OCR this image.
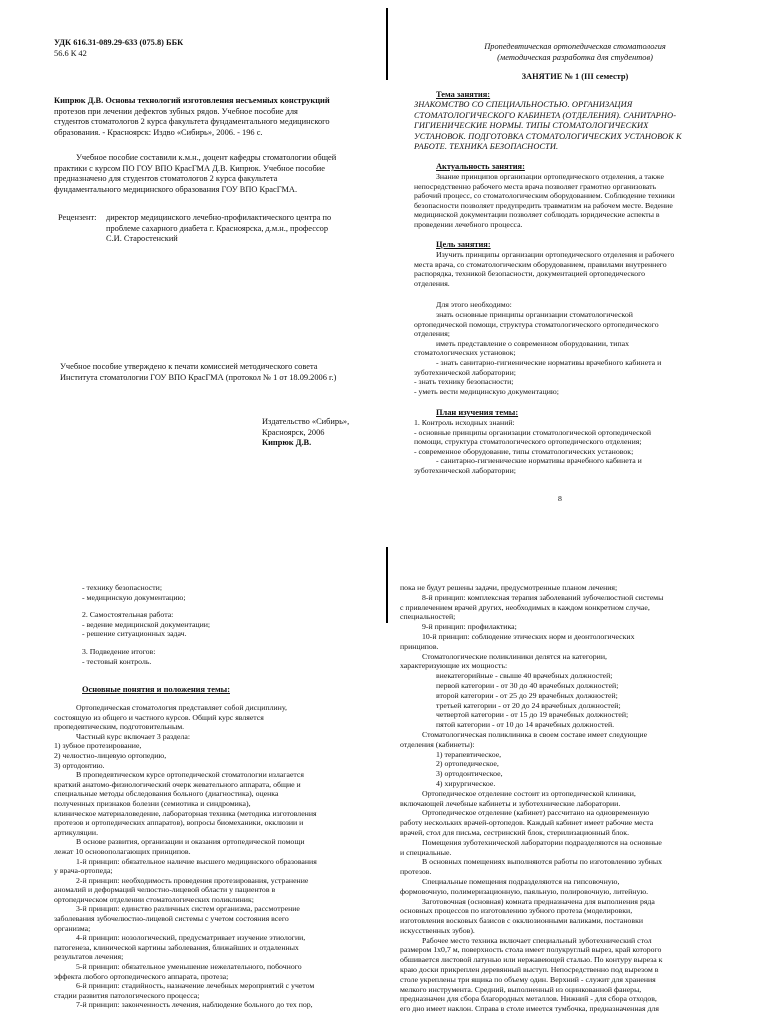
УДК 616.31-089.29-633 (075.8) ББК
56.6 К 42
Кипрюк Д.В. Основы технологий изготовления несъемных конструкций
протезов при лечении дефектов зубных рядов. Учебное пособие для
студентов стоматологов 2 курса факультета фундаментального медицинского
образования. - Красноярск: Издво «Сибирь», 2006. - 196 с.
Учебное пособие составили к.м.н., доцент кафедры стоматологии общей
практики с курсом ПО ГОУ ВПО КрасГМА Д.В. Кипрюк. Учебное пособие
предназначено для студентов стоматологов 2 курса факультета
фундаментального медицинского образования ГОУ ВПО КрасГМА.
Рецензент:	директор медицинского лечебно-профилактического центра по
проблеме сахарного диабета г. Красноярска, д.м.н., профессор
С.И. Старостенский
Учебное пособие утверждено к печати комиссией методического совета
Института стоматологии ГОУ ВПО КрасГМА (протокол № 1 от 18.09.2006 г.)
Издательство «Сибирь»,
Красноярск, 2006
Кипрюк Д.В.
Пропедевтическая ортопедическая стоматология
(методическая разработка для студентов)
ЗАНЯТИЕ № 1 (III семестр)
Тема занятия:
ЗНАКОМСТВО СО СПЕЦИАЛЬНОСТЬЮ. ОРГАНИЗАЦИЯ
СТОМАТОЛОГИЧЕСКОГО КАБИНЕТА (ОТДЕЛЕНИЯ). САНИТАРНО-
ГИГИЕНИЧЕСКИЕ НОРМЫ. ТИПЫ СТОМАТОЛОГИЧЕСКИХ
УСТАНОВОК. ПОДГОТОВКА СТОМАТОЛОГИЧЕСКИХ УСТАНОВОК К
РАБОТЕ. ТЕХНИКА БЕЗОПАСНОСТИ.
Актуальность занятия:
Знание принципов организации ортопедического отделения, а также
непосредственно рабочего места врача позволяет грамотно организовать
рабочий процесс, со стоматологическим оборудованием. Соблюдение техники
безопасности позволяет предупредить травматизм на рабочем месте. Ведение
медицинской документации позволяет соблюдать юридические аспекты в
проведении лечебного процесса.
Цель занятия:
Изучить принципы организации ортопедического отделения и рабочего
места врача, со стоматологическим оборудованием, правилами внутреннего
распорядка, техникой безопасности, документацией ортопедического
отделения.
Для этого необходимо:
знать основные принципы организации стоматологической
ортопедической помощи, структура стоматологического ортопедического
отделения;
иметь представление о современном оборудовании, типах
стоматологических установок;
- знать санитарно-гигиенические нормативы врачебного кабинета и
зуботехнической лаборатории;
- знать технику безопасности;
- уметь вести медицинскую документацию;
План изучения темы:
1. Контроль исходных знаний:
- основные принципы организации стоматологической ортопедической
помощи, структура стоматологического ортопедического отделения;
- современное оборудование, типы стоматологических установок;
- санитарно-гигиенические нормативы врачебного кабинета и
зуботехнической лаборатории;
8
- технику безопасности;
- медицинскую документацию;
2. Самостоятельная работа:
- ведение медицинской документации;
- решение ситуационных задач.
3. Подведение итогов:
- тестовый контроль.
Основные понятия и положения темы:
Ортопедическая стоматология представляет собой дисциплину,
состоящую из общего и частного курсов. Общий курс является
пропедевтическим, подготовительным.
Частный курс включает 3 раздела:
1) зубное протезирование,
2) челюстно-лицевую ортопедию,
3) ортодонтию.
В пропедевтическом курсе ортопедической стоматологии излагается
краткий анатомо-физиологический очерк жевательного аппарата, общие и
специальные методы обследования больного (диагностика), оценка
полученных признаков болезни (семиотика и синдромика),
клиническое материаловедение, лабораторная техника (методика изготовления
протезов и ортопедических аппаратов), вопросы биомеханики, окклюзии и
артикуляции.
В основе развития, организации и оказания ортопедической помощи
лежат 10 основополагающих принципов.
1-й принцип: обязательное наличие высшего медицинского образования
у врача-ортопеда;
2-й принцип: необходимость проведения протезирования, устранение
аномалий и деформаций челюстно-лицевой области у пациентов в
ортопедическом отделении стоматологических поликлиник;
3-й принцип: единство различных систем организма, рассмотрение
заболевания зубочелюстно-лицевой системы с учетом состояния всего
организма;
4-й принцип: нозологический, предусматривает изучение этиологии,
патогенеза, клинической картины заболевания, ближайших и отдаленных
результатов лечения;
5-й принцип: обязательное уменьшение нежелательного, побочного
эффекта любого ортопедического аппарата, протеза;
6-й принцип: стадийность, назначение лечебных мероприятий с учетом
стадии развития патологического процесса;
7-й принцип: законченность лечения, наблюдение больного до тех пор,
пока не будут решены задачи, предусмотренные планом лечения;
8-й принцип: комплексная терапия заболеваний зубочелюстной системы
с привлечением врачей других, необходимых в каждом конкретном случае,
специальностей;
9-й принцип: профилактика;
10-й принцип: соблюдение этических норм и деонтологических
принципов.
Стоматологические поликлиники делятся на категории,
характеризующие их мощность:
внекатегорийные - свыше 40 врачебных должностей;
первой категории - от 30 до 40 врачебных должностей;
второй категории - от 25 до 29 врачебных должностей;
третьей категории - от 20 до 24 врачебных должностей;
четвертой категории - от 15 до 19 врачебных должностей;
пятой категории - от 10 до 14 врачебных должностей.
Стоматологическая поликлиника в своем составе имеет следующие
отделения (кабинеты):
1) терапевтическое,
2) ортопедическое,
3) ортодонтическое,
4) хирургическое.
Ортопедическое отделение состоит из ортопедической клиники,
включающей лечебные кабинеты и зуботехнические лаборатории.
Ортопедическое отделение (кабинет) рассчитано на одновременную
работу нескольких врачей-ортопедов. Каждый кабинет имеет рабочие места
врачей, стол для письма, сестринский блок, стерилизационный блок.
Помещения зуботехнической лаборатории подразделяются на основные
и специальные.
В основных помещениях выполняются работы по изготовлению зубных
протезов.
Специальные помещения подразделяются на гипсовочную,
формовочную, полимеризационную, паяльную, полировочную, литейную.
Заготовочная (основная) комната предназначена для выполнения ряда
основных процессов по изготовлению зубного протеза (моделировки,
изготовления восковых базисов с окклюзионными валиками, постановки
искусственных зубов).
Рабочее место техника включает специальный зуботехнический стол
размером 1x0,7 м, поверхность стола имеет полукруглый вырез, край которого
обшивается листовой латунью или нержавеющей сталью. По контуру выреза к
краю доски прикреплен деревянный выступ. Непосредственно под вырезом в
столе укреплены три ящика по объему один. Верхний - служит для хранения
мелкого инструмента. Средний, выполненный из оцинкованной фанеры,
предназначен для сбора благородных металлов. Нижний - для сбора отходов,
его дно имеет наклон. Справа в столе имеется тумбочка, предназначенная для
